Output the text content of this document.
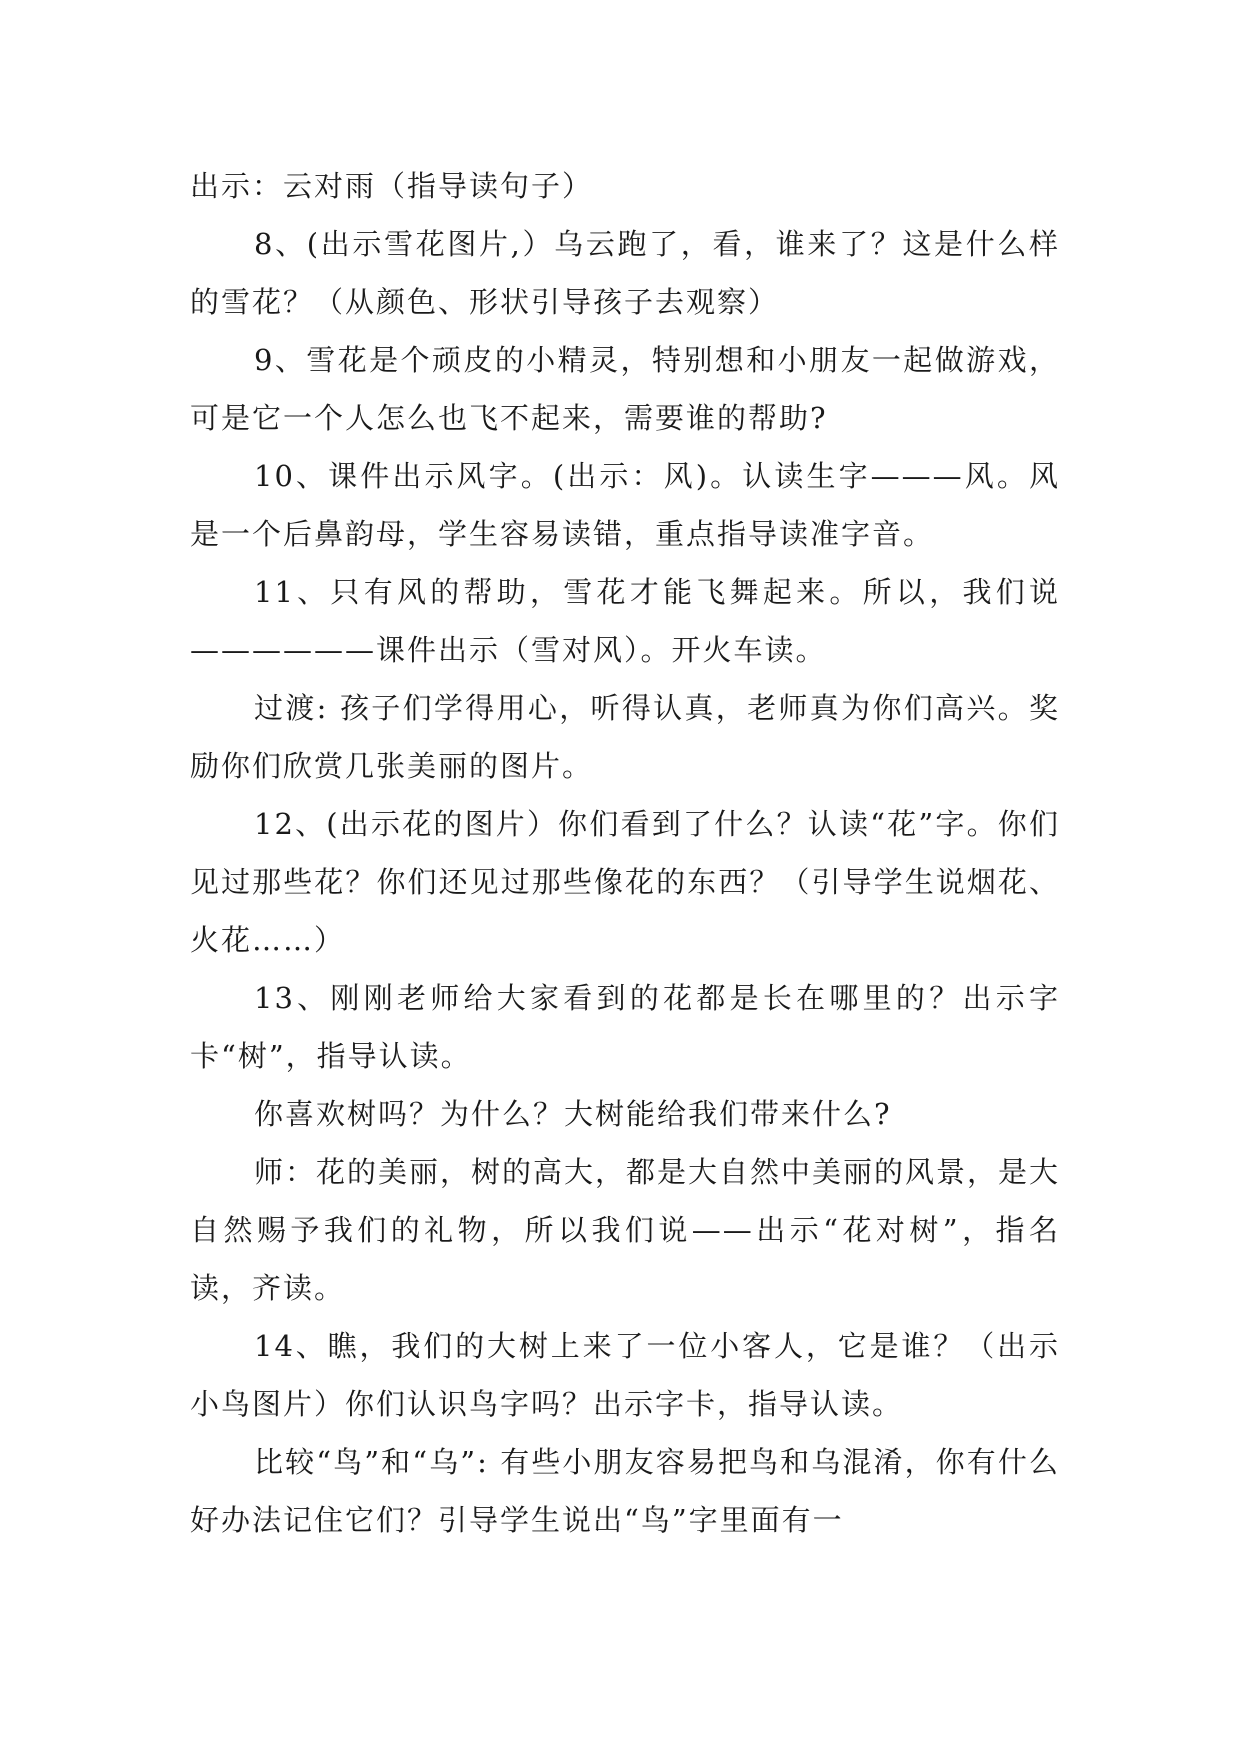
出示：云对雨（指导读句子）

8、(出示雪花图片,）乌云跑了，看，谁来了？这是什么样的雪花？（从颜色、形状引导孩子去观察）

9、雪花是个顽皮的小精灵，特别想和小朋友一起做游戏，可是它一个人怎么也飞不起来，需要谁的帮助?

10、课件出示风字。(出示：风)。认读生字———风。风是一个后鼻韵母，学生容易读错，重点指导读准字音。

11、只有风的帮助，雪花才能飞舞起来。所以，我们说——————课件出示（雪对风）。开火车读。

过渡: 孩子们学得用心，听得认真，老师真为你们高兴。奖励你们欣赏几张美丽的图片。

12、(出示花的图片）你们看到了什么？认读“花”字。你们见过那些花？你们还见过那些像花的东西？（引导学生说烟花、火花……）

13、刚刚老师给大家看到的花都是长在哪里的？出示字卡“树”，指导认读。

你喜欢树吗？为什么？大树能给我们带来什么?

师：花的美丽，树的高大，都是大自然中美丽的风景，是大自然赐予我们的礼物，所以我们说——出示“花对树”，指名读，齐读。

14、瞧，我们的大树上来了一位小客人，它是谁？（出示小鸟图片）你们认识鸟字吗？出示字卡，指导认读。

比较“鸟”和“乌”: 有些小朋友容易把鸟和乌混淆，你有什么好办法记住它们？引导学生说出“鸟”字里面有一
